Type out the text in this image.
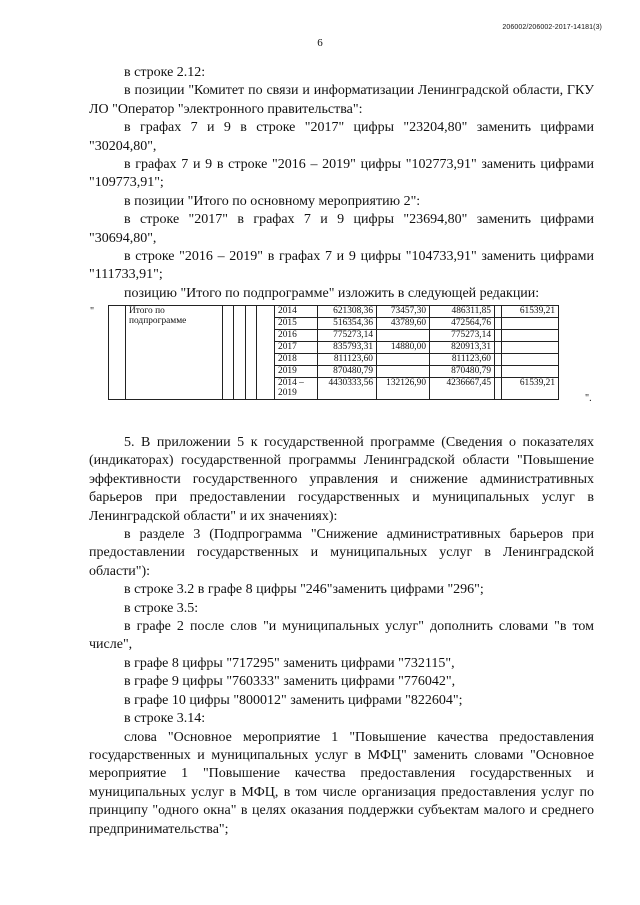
206002/206002-2017-14181(3)
6

в строке 2.12:

в позиции "Комитет по связи и информатизации Ленинградской области, ГКУ ЛО "Оператор "электронного правительства":

в графах 7 и 9 в строке "2017" цифры "23204,80" заменить цифрами "30204,80",

в графах 7 и 9 в строке "2016 – 2019" цифры "102773,91" заменить цифрами "109773,91";

в позиции "Итого по основному мероприятию 2":

в строке "2017" в графах 7 и 9 цифры "23694,80" заменить цифрами "30694,80",

в строке "2016 – 2019" в графах 7 и 9 цифры "104733,91" заменить цифрами "111733,91";

позицию "Итого по подпрограмме" изложить в следующей редакции:

"
		Итого по подпрограмме					2014	621308,36	73457,30	486311,85		61539,21
						2015	516354,36	43789,60	472564,76		
						2016	775273,14		775273,14		
						2017	835793,31	14880,00	820913,31		
						2018	811123,60		811123,60		
						2019	870480,79		870480,79		
						2014 – 2019	4430333,56	132126,90	4236667,45		61539,21
".

5. В приложении 5 к государственной программе (Сведения о показателях (индикаторах) государственной программы Ленинградской области "Повышение эффективности государственного управления и снижение административных барьеров при предоставлении государственных и муниципальных услуг в Ленинградской области" и их значениях):

в разделе 3 (Подпрограмма "Снижение административных барьеров при предоставлении государственных и муниципальных услуг в Ленинградской области"):

в строке 3.2 в графе 8 цифры "246"заменить цифрами "296";

в строке 3.5:

в графе 2 после слов "и муниципальных услуг" дополнить словами "в том числе",

в графе 8 цифры "717295" заменить цифрами "732115",

в графе 9 цифры "760333" заменить цифрами "776042",

в графе 10 цифры "800012" заменить цифрами "822604";

в строке 3.14:

слова "Основное мероприятие 1 "Повышение качества предоставления государственных и муниципальных услуг в МФЦ" заменить словами "Основное мероприятие 1 "Повышение качества предоставления государственных и муниципальных услуг в МФЦ, в том числе организация предоставления услуг по принципу "одного окна" в целях оказания поддержки субъектам малого и среднего предпринимательства";
